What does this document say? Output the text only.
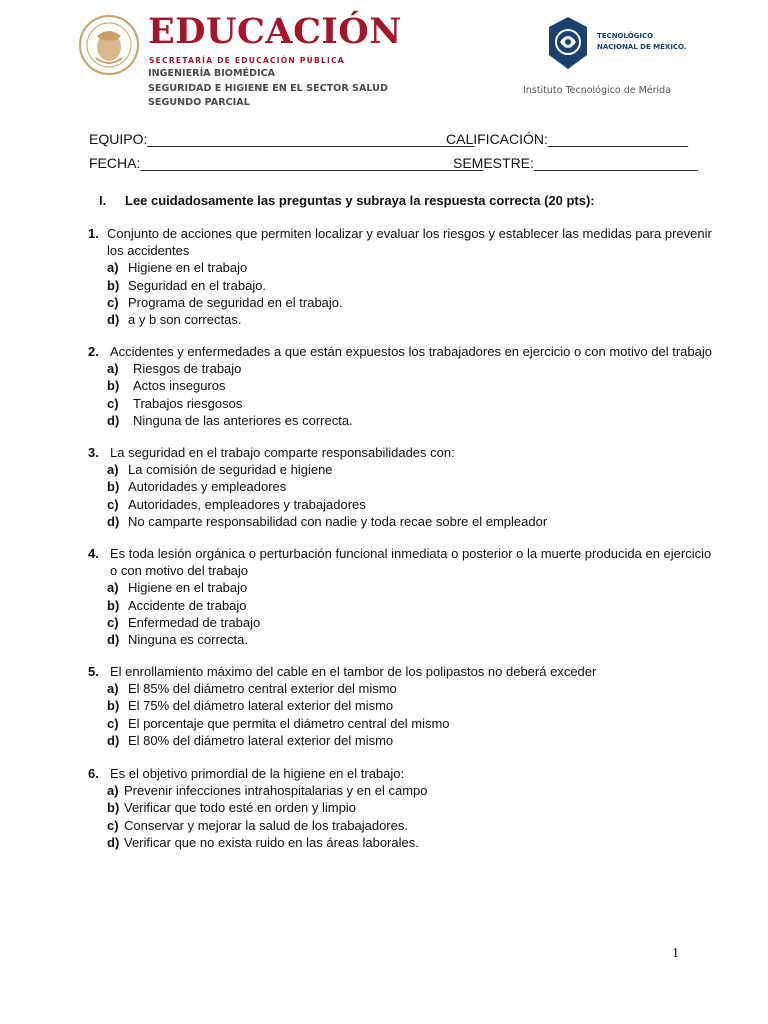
EDUCACIÓN
SECRETARÍA DE EDUCACIÓN PÚBLICA
INGENIERÍA BIOMÉDICA
SEGURIDAD E HIGIENE EN EL SECTOR SALUD
SEGUNDO PARCIAL
TECNOLÓGICO
NACIONAL DE MÉXICO.
Instituto Tecnológico de Mérida
EQUIPO:__________________________________________
CALIFICACIÓN:__________________
FECHA:____________________________________________
SEMESTRE:_____________________
I. Lee cuidadosamente las preguntas y subraya la respuesta correcta (20 pts):
1. Conjunto de acciones que permiten localizar y evaluar los riesgos y establecer las medidas para prevenir
los accidentes
a) Higiene en el trabajo
b) Seguridad en el trabajo.
c) Programa de seguridad en el trabajo.
d) a y b son correctas.
2. Accidentes y enfermedades a que están expuestos los trabajadores en ejercicio o con motivo del trabajo
a) Riesgos de trabajo
b) Actos inseguros
c) Trabajos riesgosos
d) Ninguna de las anteriores es correcta.
3. La seguridad en el trabajo comparte responsabilidades con:
a) La comisión de seguridad e higiene
b) Autoridades y empleadores
c) Autoridades, empleadores y trabajadores
d) No camparte responsabilidad con nadie y toda recae sobre el empleador
4. Es toda lesión orgánica o perturbación funcional inmediata o posterior o la muerte producida en ejercicio
o con motivo del trabajo
a) Higiene en el trabajo
b) Accidente de trabajo
c) Enfermedad de trabajo
d) Ninguna es correcta.
5. El enrollamiento máximo del cable en el tambor de los polipastos no deberá exceder
a) El 85% del diámetro central exterior del mismo
b) El 75% del diámetro lateral exterior del mismo
c) El porcentaje que permita el diámetro central del mismo
d) El 80% del diámetro lateral exterior del mismo
6. Es el objetivo primordial de la higiene en el trabajo:
a) Prevenir infecciones intrahospitalarias y en el campo
b) Verificar que todo esté en orden y limpio
c) Conservar y mejorar la salud de los trabajadores.
d) Verificar que no exista ruido en las áreas laborales.
1
